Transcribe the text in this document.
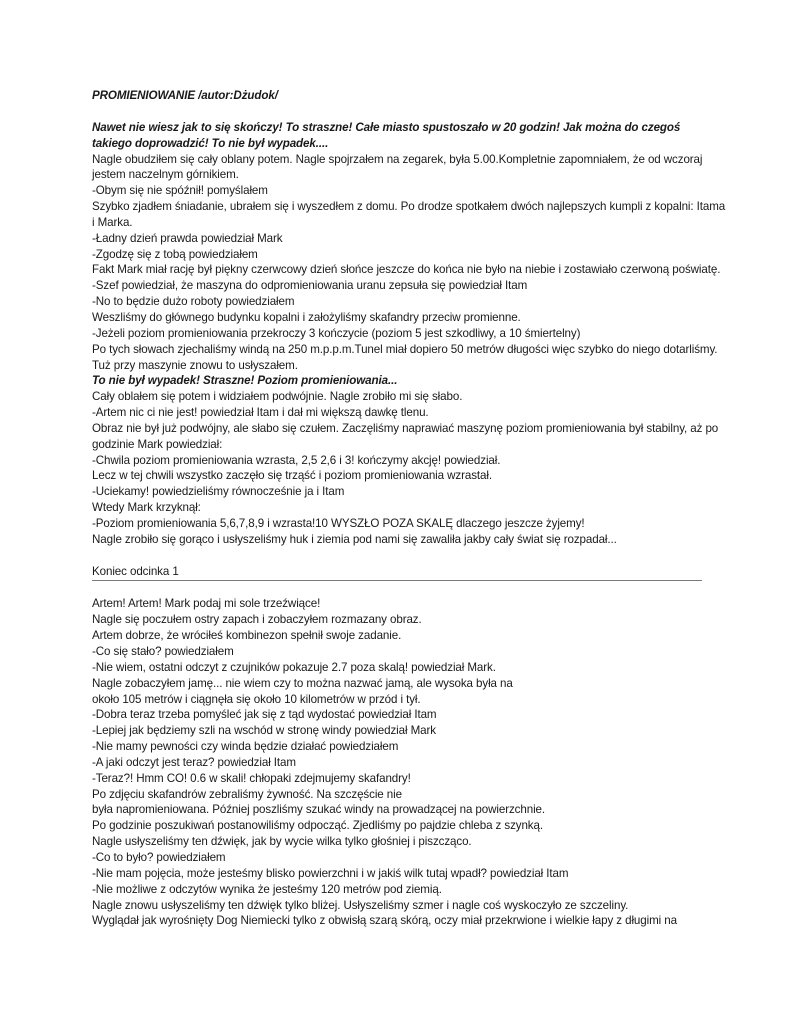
PROMIENIOWANIE /autor:Dżudok/
Nawet nie wiesz jak to się skończy! To straszne! Całe miasto spustoszało w 20 godzin! Jak można do czegoś
takiego doprowadzić! To nie był wypadek....
Nagle obudziłem się cały oblany potem. Nagle spojrzałem na zegarek, była 5.00.Kompletnie zapomniałem, że od wczoraj
jestem naczelnym górnikiem.
-Obym się nie spóźnił! pomyślałem
Szybko zjadłem śniadanie, ubrałem się i wyszedłem z domu. Po drodze spotkałem dwóch najlepszych kumpli z kopalni: Itama
i Marka.
-Ładny dzień prawda powiedział Mark
-Zgodzę się z tobą powiedziałem
Fakt Mark miał rację był piękny czerwcowy dzień słońce jeszcze do końca nie było na niebie i zostawiało czerwoną poświatę.
-Szef powiedział, że maszyna do odpromieniowania uranu zepsuła się powiedział Itam
-No to będzie dużo roboty powiedziałem
Weszliśmy do głównego budynku kopalni i założyliśmy skafandry przeciw promienne.
-Jeżeli poziom promieniowania przekroczy 3 kończycie (poziom 5 jest szkodliwy, a 10 śmiertelny)
Po tych słowach zjechaliśmy windą na 250 m.p.p.m.Tunel miał dopiero 50 metrów długości więc szybko do niego dotarliśmy.
Tuż przy maszynie znowu to usłyszałem.
To nie był wypadek! Straszne! Poziom promieniowania...
Cały oblałem się potem i widziałem podwójnie. Nagle zrobiło mi się słabo.
-Artem nic ci nie jest! powiedział Itam i dał mi większą dawkę tlenu.
Obraz nie był już podwójny, ale słabo się czułem. Zaczęliśmy naprawiać maszynę poziom promieniowania był stabilny, aż po
godzinie Mark powiedział:
-Chwila poziom promieniowania wzrasta, 2,5 2,6 i 3! kończymy akcję! powiedział.
Lecz w tej chwili wszystko zaczęło się trząść i poziom promieniowania wzrastał.
-Uciekamy! powiedzieliśmy równocześnie ja i Itam
Wtedy Mark krzyknął:
-Poziom promieniowania 5,6,7,8,9 i wzrasta!10 WYSZŁO POZA SKALĘ dlaczego jeszcze żyjemy!
Nagle zrobiło się gorąco i usłyszeliśmy huk i ziemia pod nami się zawaliła jakby cały świat się rozpadał...
Koniec odcinka 1
Artem! Artem! Mark podaj mi sole trzeźwiące!
Nagle się poczułem ostry zapach i zobaczyłem rozmazany obraz.
Artem dobrze, że wróciłeś kombinezon spełnił swoje zadanie.
-Co się stało? powiedziałem
-Nie wiem, ostatni odczyt z czujników pokazuje 2.7 poza skalą! powiedział Mark.
Nagle zobaczyłem jamę... nie wiem czy to można nazwać jamą, ale wysoka była na
około 105 metrów i ciągnęła się około 10 kilometrów w przód i tył.
-Dobra teraz trzeba pomyśleć jak się z tąd wydostać powiedział Itam
-Lepiej jak będziemy szli na wschód w stronę windy powiedział Mark
-Nie mamy pewności czy winda będzie działać powiedziałem
-A jaki odczyt jest teraz? powiedział Itam
-Teraz?! Hmm CO! 0.6 w skali! chłopaki zdejmujemy skafandry!
Po zdjęciu skafandrów zebraliśmy żywność. Na szczęście nie
była napromieniowana. Później poszliśmy szukać windy na prowadzącej na powierzchnie.
Po godzinie poszukiwań postanowiliśmy odpocząć. Zjedliśmy po pajdzie chleba z szynką.
Nagle usłyszeliśmy ten dźwięk, jak by wycie wilka tylko głośniej i piszcząco.
-Co to było? powiedziałem
-Nie mam pojęcia, może jesteśmy blisko powierzchni i w jakiś wilk tutaj wpadł? powiedział Itam
-Nie możliwe z odczytów wynika że jesteśmy 120 metrów pod ziemią.
Nagle znowu usłyszeliśmy ten dźwięk tylko bliżej. Usłyszeliśmy szmer i nagle coś wyskoczyło ze szczeliny.
Wyglądał jak wyrośnięty Dog Niemiecki tylko z obwisłą szarą skórą, oczy miał przekrwione i wielkie łapy z długimi na
